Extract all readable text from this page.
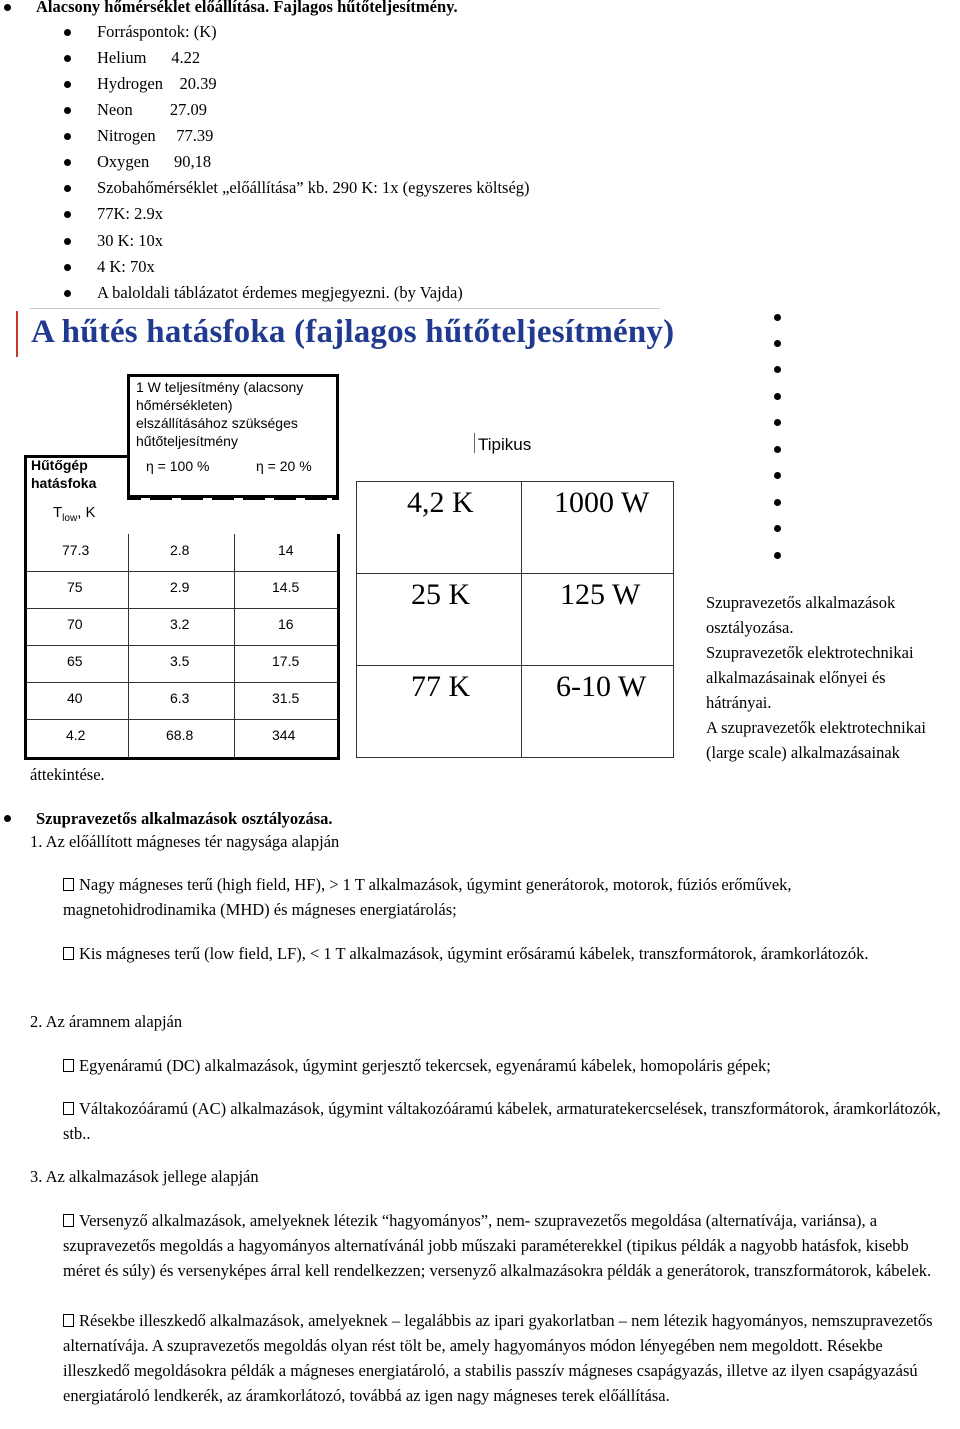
Alacsony hőmérséklet előállítása. Fajlagos hűtőteljesítmény.
Forráspontok: (K)
Helium      4.22
Hydrogen    20.39
Neon         27.09
Nitrogen     77.39
Oxygen      90,18
Szobahőmérséklet „előállítása” kb. 290 K: 1x (egyszeres költség)
77K: 2.9x
30 K: 10x
4 K: 70x
A baloldali táblázatot érdemes megjegyezni. (by Vajda)
A hűtés hatásfoka (fajlagos hűtőteljesítmény)
1 W teljesítmény (alacsony
hőmérsékleten)
elszállításához szükséges
hűtőteljesítmény
Hűtőgép
hatásfoka
$T_{low}$, K
η = 100 %	η = 20 %
77.3	2.8	14
75	2.9	14.5
70	3.2	16
65	3.5	17.5
40	6.3	31.5
4.2	68.8	344
Tipikus
4,2 K	1000 W
25 K	125 W
77 K	6-10 W
Szupravezetős alkalmazások
osztályozása.
Szupravezetők elektrotechnikai
alkalmazásainak előnyei és
hátrányai.
A szupravezetők elektrotechnikai
(large scale) alkalmazásainak
áttekintése.
Szupravezetős alkalmazások osztályozása.
1. Az előállított mágneses tér nagysága alapján
Nagy mágneses terű (high field, HF), > 1 T alkalmazások, úgymint generátorok, motorok, fúziós erőművek, magnetohidrodinamika (MHD) és mágneses energiatárolás;
Kis mágneses terű (low field, LF), < 1 T alkalmazások, úgymint erősáramú kábelek, transzformátorok, áramkorlátozók.
2. Az áramnem alapján
Egyenáramú (DC) alkalmazások, úgymint gerjesztő tekercsek, egyenáramú kábelek, homopoláris gépek;
Váltakozóáramú (AC) alkalmazások, úgymint váltakozóáramú kábelek, armaturatekercselések, transzformátorok, áramkorlátozók, stb..
3. Az alkalmazások jellege alapján
Versenyző alkalmazások, amelyeknek létezik “hagyományos”, nem- szupravezetős megoldása (alternatívája, variánsa), a szupravezetős megoldás a hagyományos alternatívánál jobb műszaki paraméterekkel (tipikus példák a nagyobb hatásfok, kisebb méret és súly) és versenyképes árral kell rendelkezzen; versenyző alkalmazásokra példák a generátorok, transzformátorok, kábelek.
Résekbe illeszkedő alkalmazások, amelyeknek – legalábbis az ipari gyakorlatban – nem létezik hagyományos, nemszupravezetős alternatívája. A szupravezetős megoldás olyan rést tölt be, amely hagyományos módon lényegében nem megoldott. Résekbe illeszkedő megoldásokra példák a mágneses energiatároló, a stabilis passzív mágneses csapágyazás, illetve az ilyen csapágyazású energiatároló lendkerék, az áramkorlátozó, továbbá az igen nagy mágneses terek előállítása.
